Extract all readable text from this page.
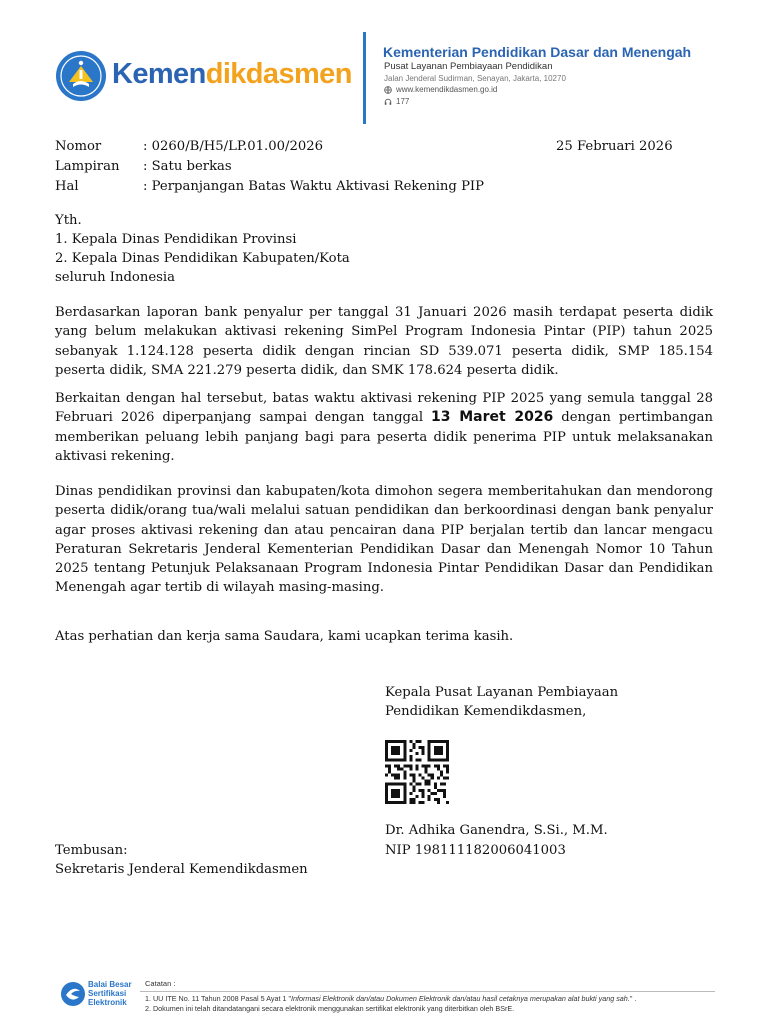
Kemendikdasmen
Kementerian Pendidikan Dasar dan Menengah
Pusat Layanan Pembiayaan Pendidikan
Jalan Jenderal Sudirman, Senayan, Jakarta, 10270
www.kemendikdasmen.go.id
177
Nomor	: 0260/B/H5/LP.01.00/2026	25 Februari 2026
Lampiran : Satu berkas
Hal	: Perpanjangan Batas Waktu Aktivasi Rekening PIP
Yth.
1. Kepala Dinas Pendidikan Provinsi
2. Kepala Dinas Pendidikan Kabupaten/Kota
seluruh Indonesia

Berdasarkan laporan bank penyalur per tanggal 31 Januari 2026 masih terdapat peserta didik yang belum melakukan aktivasi rekening SimPel Program Indonesia Pintar (PIP) tahun 2025 sebanyak 1.124.128 peserta didik dengan rincian SD 539.071 peserta didik, SMP 185.154 peserta didik, SMA 221.279 peserta didik, dan SMK 178.624 peserta didik.

Berkaitan dengan hal tersebut, batas waktu aktivasi rekening PIP 2025 yang semula tanggal 28 Februari 2026 diperpanjang sampai dengan tanggal 13 Maret 2026 dengan pertimbangan memberikan peluang lebih panjang bagi para peserta didik penerima PIP untuk melaksanakan aktivasi rekening.

Dinas pendidikan provinsi dan kabupaten/kota dimohon segera memberitahukan dan mendorong peserta didik/orang tua/wali melalui satuan pendidikan dan berkoordinasi dengan bank penyalur agar proses aktivasi rekening dan atau pencairan dana PIP berjalan tertib dan lancar mengacu Peraturan Sekretaris Jenderal Kementerian Pendidikan Dasar dan Menengah Nomor 10 Tahun 2025 tentang Petunjuk Pelaksanaan Program Indonesia Pintar Pendidikan Dasar dan Pendidikan Menengah agar tertib di wilayah masing-masing.

Atas perhatian dan kerja sama Saudara, kami ucapkan terima kasih.

Kepala Pusat Layanan Pembiayaan
Pendidikan Kemendikdasmen,
Dr. Adhika Ganendra, S.Si., M.M.
NIP 198111182006041003
Tembusan:
Sekretaris Jenderal Kemendikdasmen
Balai Besar
Sertifikasi
Elektronik
Catatan :
1. UU ITE No. 11 Tahun 2008 Pasal 5 Ayat 1 "Informasi Elektronik dan/atau Dokumen Elektronik dan/atau hasil cetaknya merupakan alat bukti yang sah." .
2. Dokumen ini telah ditandatangani secara elektronik menggunakan sertifikat elektronik yang diterbitkan oleh BSrE.
